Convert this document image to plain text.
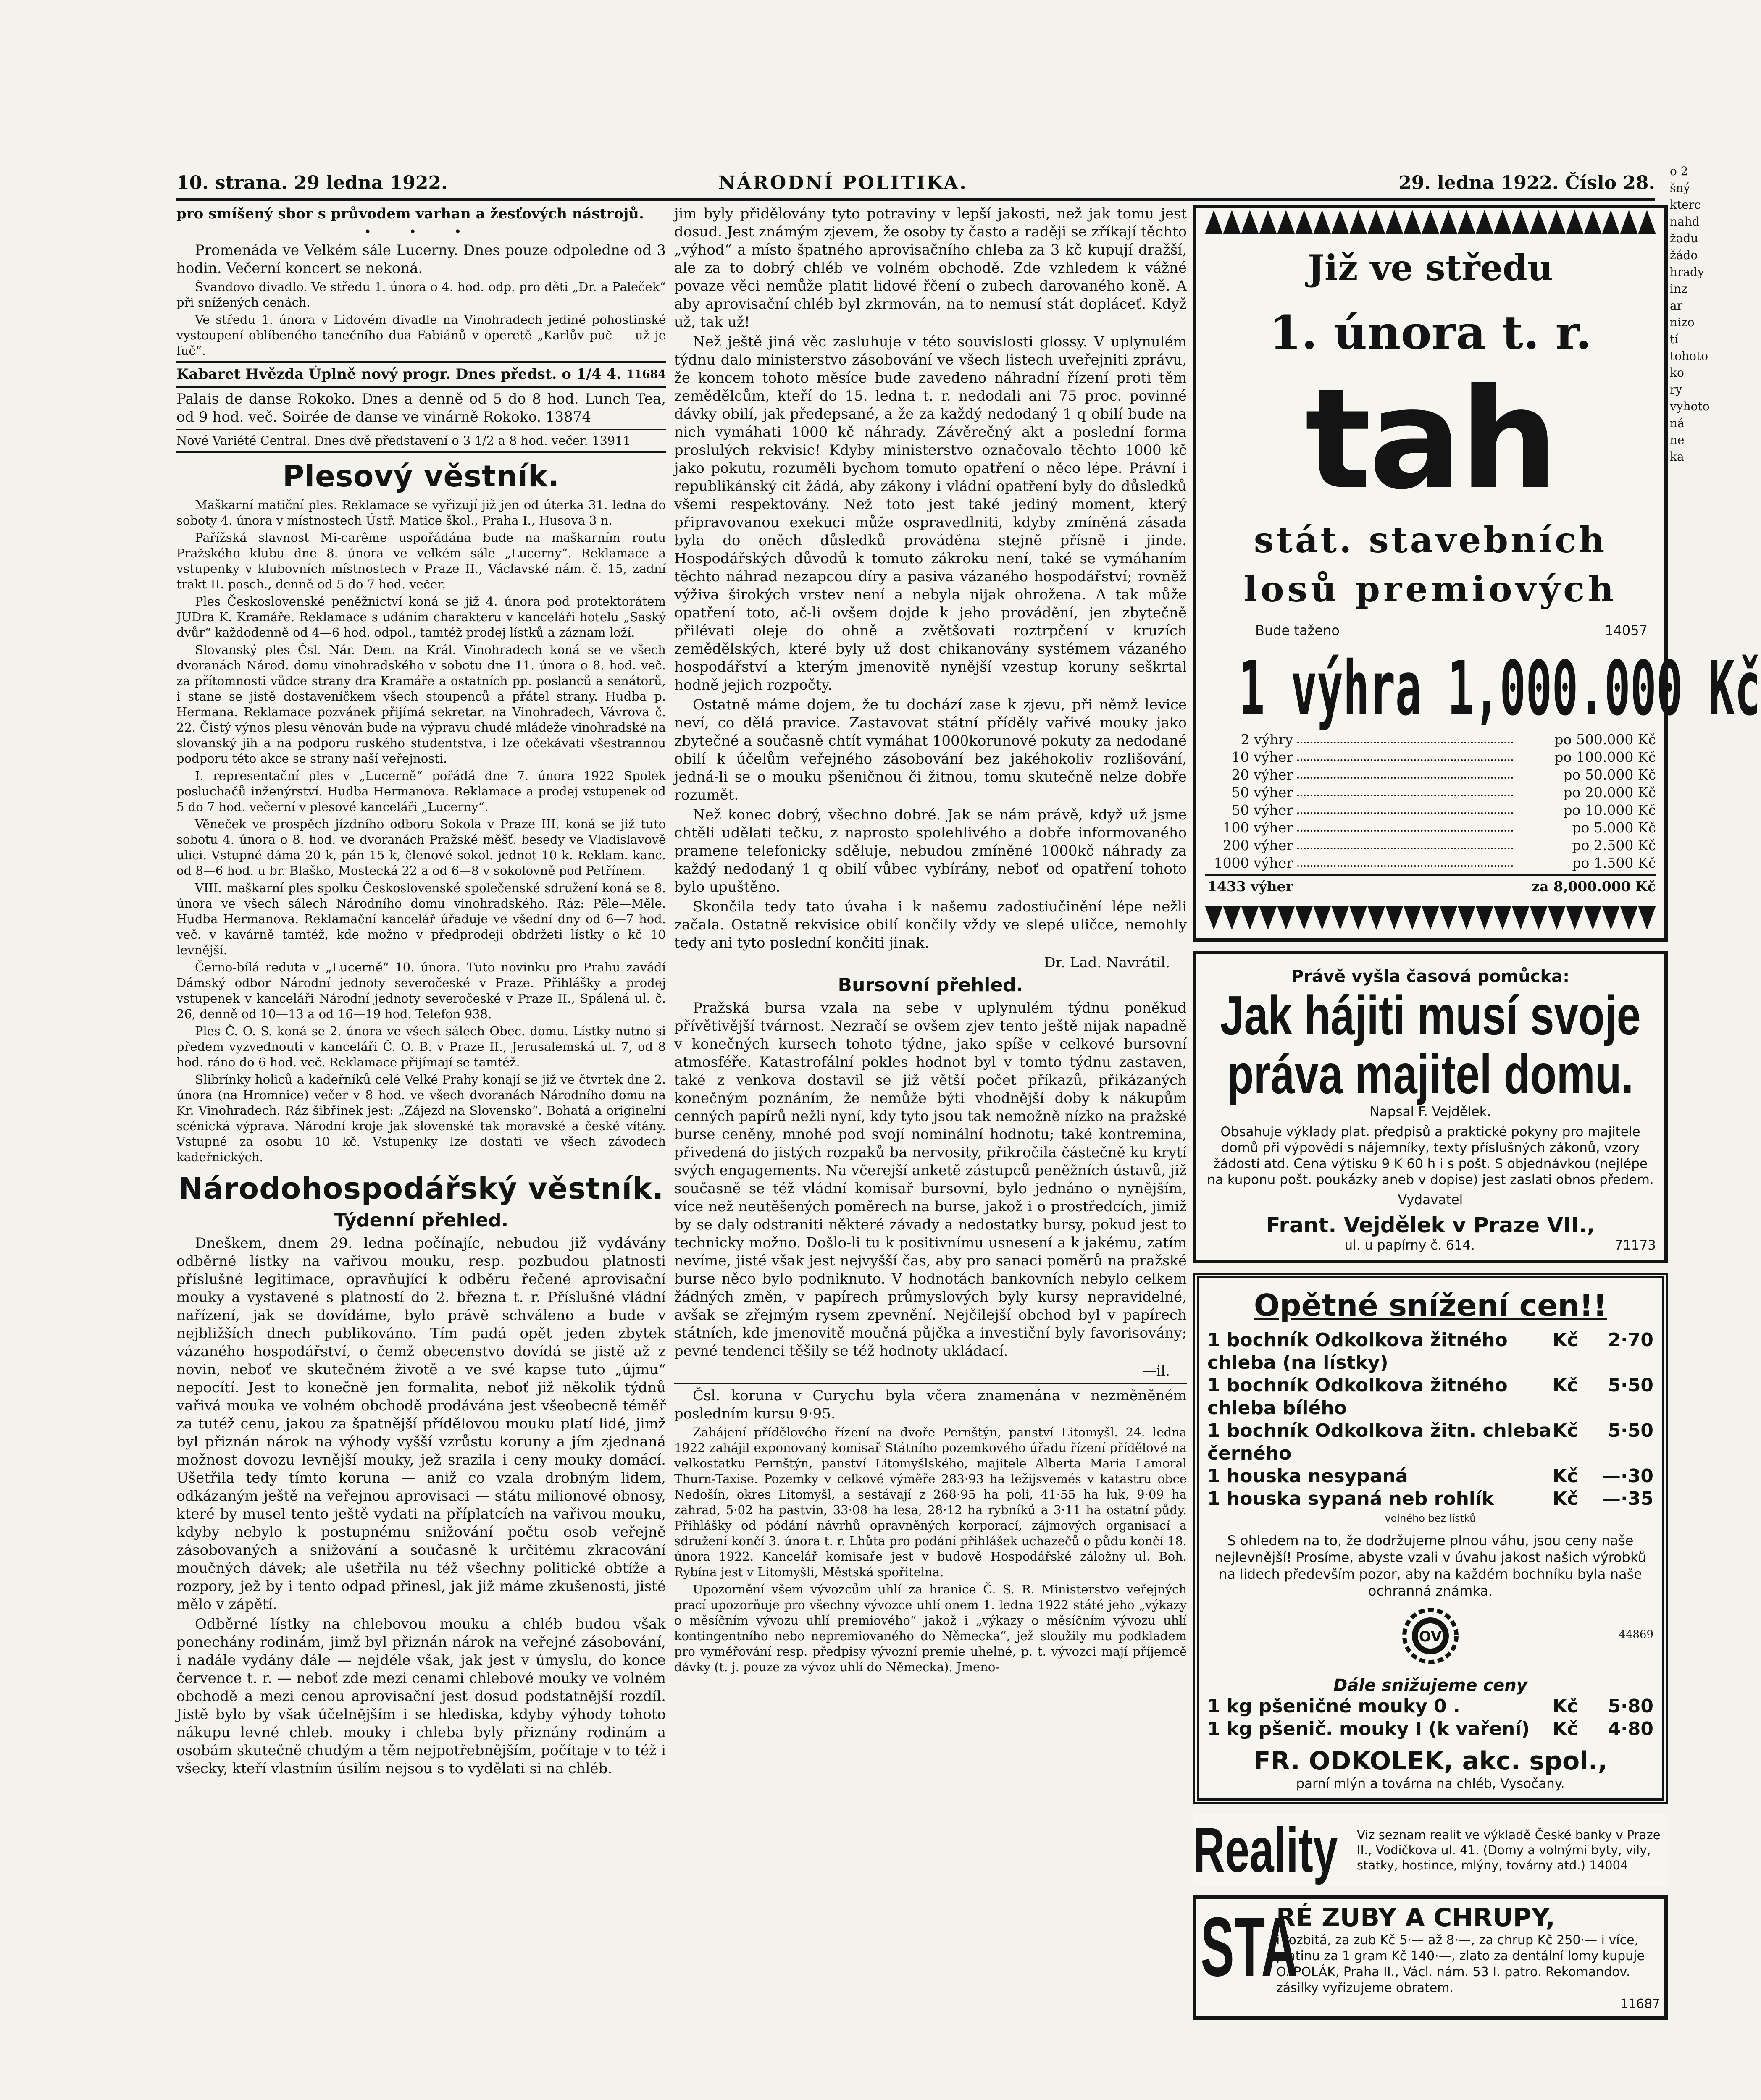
10. strana. 29 ledna 1922.	NÁRODNÍ POLITIKA.	29. ledna 1922. Číslo 28.

pro smíšený sbor s průvodem varhan a žesťových nástrojů.

• • •

Promenáda ve Velkém sále Lucerny. Dnes pouze odpoledne od 3 hodin. Večerní koncert se nekoná.

Švandovo divadlo. Ve středu 1. února o 4. hod. odp. pro děti „Dr. a Paleček“ při snížených cenách.

Ve středu 1. února v Lidovém divadle na Vinohradech jediné pohostinské vystoupení oblíbeného tanečního dua Fabiánů v operetě „Karlův puč — už je fuč“.

Kabaret Hvězda Úplně nový progr. Dnes předst. o 1/4 4. 11684

Palais de danse Rokoko. Dnes a denně od 5 do 8 hod. Lunch Tea, od 9 hod. več. Soirée de danse ve vinárně Rokoko. 13874

Nové Variété Central. Dnes dvě představení o 3 1/2 a 8 hod. večer. 13911

Plesový věstník.

Maškarní matiční ples. Reklamace se vyřizují již jen od úterka 31. ledna do soboty 4. února v místnostech Ústř. Matice škol., Praha I., Husova 3 n.

Pařížská slavnost Mi-carême uspořádána bude na maškarním routu Pražského klubu dne 8. února ve velkém sále „Lucerny“. Reklamace a vstupenky v klubovních místnostech v Praze II., Václavské nám. č. 15, zadní trakt II. posch., denně od 5 do 7 hod. večer.

Ples Československé peněžnictví koná se již 4. února pod protektorátem JUDra K. Kramáře. Reklamace s udáním charakteru v kanceláři hotelu „Saský dvůr“ každodenně od 4—6 hod. odpol., tamtéž prodej lístků a záznam loží.

Slovanský ples Čsl. Nár. Dem. na Král. Vinohradech koná se ve všech dvoranách Národ. domu vinohradského v sobotu dne 11. února o 8. hod. več. za přítomnosti vůdce strany dra Kramáře a ostatních pp. poslanců a senátorů, i stane se jistě dostaveníčkem všech stoupenců a přátel strany. Hudba p. Hermana. Reklamace pozvánek přijímá sekretar. na Vinohradech, Vávrova č. 22. Čistý výnos plesu věnován bude na výpravu chudé mládeže vinohradské na slovanský jih a na podporu ruského studentstva, i lze očekávati všestrannou podporu této akce se strany naší veřejnosti.

I. representační ples v „Lucerně“ pořádá dne 7. února 1922 Spolek posluchačů inženýrství. Hudba Hermanova. Reklamace a prodej vstupenek od 5 do 7 hod. večerní v plesové kanceláři „Lucerny“.

Věneček ve prospěch jízdního odboru Sokola v Praze III. koná se již tuto sobotu 4. února o 8. hod. ve dvoranách Pražské měšť. besedy ve Vladislavově ulici. Vstupné dáma 20 k, pán 15 k, členové sokol. jednot 10 k. Reklam. kanc. od 8—6 hod. u br. Blaško, Mostecká 22 a od 6—8 v sokolovně pod Petřínem.

VIII. maškarní ples spolku Československé společenské sdružení koná se 8. února ve všech sálech Národního domu vinohradského. Ráz: Pěle—Měle. Hudba Hermanova. Reklamační kancelář úřaduje ve všední dny od 6—7 hod. več. v kavárně tamtéž, kde možno v předprodeji obdržeti lístky o kč 10 levnější.

Černo-bílá reduta v „Lucerně“ 10. února. Tuto novinku pro Prahu zavádí Dámský odbor Národní jednoty severočeské v Praze. Přihlášky a prodej vstupenek v kanceláři Národní jednoty severočeské v Praze II., Spálená ul. č. 26, denně od 10—13 a od 16—19 hod. Telefon 938.

Ples Č. O. S. koná se 2. února ve všech sálech Obec. domu. Lístky nutno si předem vyzvednouti v kanceláři Č. O. B. v Praze II., Jerusalemská ul. 7, od 8 hod. ráno do 6 hod. več. Reklamace přijímají se tamtéž.

Slibrínky holiců a kadeřníků celé Velké Prahy konají se již ve čtvrtek dne 2. února (na Hromnice) večer v 8 hod. ve všech dvoranách Národního domu na Kr. Vinohradech. Ráz šibřinek jest: „Zájezd na Slovensko“. Bohatá a originelní scénická výprava. Národní kroje jak slovenské tak moravské a české vítány. Vstupné za osobu 10 kč. Vstupenky lze dostati ve všech závodech kadeřnických.

Národohospodářský věstník.
Týdenní přehled.

Dneškem, dnem 29. ledna počínajíc, nebudou již vydávány odběrné lístky na vařivou mouku, resp. pozbudou platnosti příslušné legitimace, opravňující k odběru řečené aprovisační mouky a vystavené s platností do 2. března t. r. Příslušné vládní nařízení, jak se dovídáme, bylo právě schváleno a bude v nejbližších dnech publikováno. Tím padá opět jeden zbytek vázaného hospodářství, o čemž obecenstvo dovídá se jistě až z novin, neboť ve skutečném životě a ve své kapse tuto „újmu“ nepocítí. Jest to konečně jen formalita, neboť již několik týdnů vařivá mouka ve volném obchodě prodávána jest všeobecně téměř za tutéž cenu, jakou za špatnější přídělovou mouku platí lidé, jimž byl přiznán nárok na výhody vyšší vzrůstu koruny a jím zjednaná možnost dovozu levnější mouky, jež srazila i ceny mouky domácí. Ušetřila tedy tímto koruna — aniž co vzala drobným lidem, odkázaným ještě na veřejnou aprovisaci — státu milionové obnosy, které by musel tento ještě vydati na příplatcích na vařivou mouku, kdyby nebylo k postupnému snižování počtu osob veřejně zásobovaných a snižování a současně k určitému zkracování moučných dávek; ale ušetřila nu též všechny politické obtíže a rozpory, jež by i tento odpad přinesl, jak již máme zkušenosti, jisté mělo v zápětí.

Odběrné lístky na chlebovou mouku a chléb budou však ponechány rodinám, jimž byl přiznán nárok na veřejné zásobování, i nadále vydány dále — nejdéle však, jak jest v úmyslu, do konce července t. r. — neboť zde mezi cenami chlebové mouky ve volném obchodě a mezi cenou aprovisační jest dosud podstatnější rozdíl. Jistě bylo by však účelnějším i se hlediska, kdyby výhody tohoto nákupu levné chleb. mouky i chleba byly přiznány rodinám a osobám skutečně chudým a těm nejpotřebnějším, počítaje v to též i všecky, kteří vlastním úsilím nejsou s to vydělati si na chléb.

jim byly přidělovány tyto potraviny v lepší jakosti, než jak tomu jest dosud. Jest známým zjevem, že osoby ty často a raději se zříkají těchto „výhod“ a místo špatného aprovisačního chleba za 3 kč kupují dražší, ale za to dobrý chléb ve volném obchodě. Zde vzhledem k vážné povaze věci nemůže platit lidové řčení o zubech darovaného koně. A aby aprovisační chléb byl zkrmován, na to nemusí stát dopláceť. Když už, tak už!

Než ještě jiná věc zasluhuje v této souvislosti glossy. V uplynulém týdnu dalo ministerstvo zásobování ve všech listech uveřejniti zprávu, že koncem tohoto měsíce bude zavedeno náhradní řízení proti těm zemědělcům, kteří do 15. ledna t. r. nedodali ani 75 proc. povinné dávky obilí, jak předepsané, a že za každý nedodaný 1 q obilí bude na nich vymáhati 1000 kč náhrady. Závěrečný akt a poslední forma proslulých rekvisic! Kdyby ministerstvo označovalo těchto 1000 kč jako pokutu, rozuměli bychom tomuto opatření o něco lépe. Právní i republikánský cit žádá, aby zákony i vládní opatření byly do důsledků všemi respektovány. Než toto jest také jediný moment, který připravovanou exekuci může ospravedlniti, kdyby zmíněná zásada byla do oněch důsledků prováděna stejně přísně i jinde. Hospodářských důvodů k tomuto zákroku není, také se vymáhaním těchto náhrad nezapcou díry a pasiva vázaného hospodářství; rovněž výživa širokých vrstev není a nebyla nijak ohrožena. A tak může opatření toto, ač-li ovšem dojde k jeho provádění, jen zbytečně přilévati oleje do ohně a zvětšovati roztrpčení v kruzích zemědělských, které byly už dost chikanovány systémem vázaného hospodářství a kterým jmenovitě nynější vzestup koruny seškrtal hodně jejich rozpočty.

Ostatně máme dojem, že tu dochází zase k zjevu, při němž levice neví, co dělá pravice. Zastavovat státní příděly vařivé mouky jako zbytečné a současně chtít vymáhat 1000korunové pokuty za nedodané obilí k účelům veřejného zásobování bez jakéhokoliv rozlišování, jedná-li se o mouku pšeničnou či žitnou, tomu skutečně nelze dobře rozumět.

Než konec dobrý, všechno dobré. Jak se nám právě, když už jsme chtěli udělati tečku, z naprosto spolehlivého a dobře informovaného pramene telefonicky sděluje, nebudou zmíněné 1000kč náhrady za každý nedodaný 1 q obilí vůbec vybírány, neboť od opatření tohoto bylo upuštěno.

Skončila tedy tato úvaha i k našemu zadostiučinění lépe nežli začala. Ostatně rekvisice obilí končily vždy ve slepé uličce, nemohly tedy ani tyto poslední končiti jinak.

Dr. Lad. Navrátil.

Bursovní přehled.

Pražská bursa vzala na sebe v uplynulém týdnu poněkud přívětivější tvárnost. Nezračí se ovšem zjev tento ještě nijak napadně v konečných kursech tohoto týdne, jako spíše v celkové bursovní atmosféře. Katastrofální pokles hodnot byl v tomto týdnu zastaven, také z venkova dostavil se již větší počet příkazů, přikázaných konečným poznáním, že nemůže býti vhodnější doby k nákupům cenných papírů nežli nyní, kdy tyto jsou tak nemožně nízko na pražské burse ceněny, mnohé pod svojí nominální hodnotu; také kontremina, přivedená do jistých rozpaků ba nervosity, přikročila částečně ku krytí svých engagements. Na včerejší anketě zástupců peněžních ústavů, již současně se též vládní komisař bursovní, bylo jednáno o nynějším, více než neutěšených poměrech na burse, jakož i o prostředcích, jimiž by se daly odstraniti některé závady a nedostatky bursy, pokud jest to technicky možno. Došlo-li tu k positivnímu usnesení a k jakému, zatím nevíme, jisté však jest nejvyšší čas, aby pro sanaci poměrů na pražské burse něco bylo podniknuto. V hodnotách bankovních nebylo celkem žádných změn, v papírech průmyslových byly kursy nepravidelné, avšak se zřejmým rysem zpevnění. Nejčilejší obchod byl v papírech státních, kde jmenovitě moučná půjčka a investiční byly favorisovány; pevné tendenci těšily se též hodnoty ukládací.

—il.

Čsl. koruna v Curychu byla včera znamenána v nezměněném posledním kursu 9·95.

Zahájení přídělového řízení na dvoře Pernštýn, panství Litomyšl. 24. ledna 1922 zahájil exponovaný komisař Státního pozemkového úřadu řízení přídělové na velkostatku Pernštýn, panství Litomyšlského, majitele Alberta Maria Lamoral Thurn-Taxise. Pozemky v celkové výměře 283·93 ha ležijsvemés v katastru obce Nedošín, okres Litomyšl, a sestávají z 268·95 ha poli, 41·55 ha luk, 9·09 ha zahrad, 5·02 ha pastvin, 33·08 ha lesa, 28·12 ha rybníků a 3·11 ha ostatní půdy. Přihlášky od pódání návrhů opravněných korporací, zájmových organisací a sdružení končí 3. února t. r. Lhůta pro podání přihlášek uchazečů o půdu končí 18. února 1922. Kancelář komisaře jest v budově Hospodářské záložny ul. Boh. Rybína jest v Litomyšli, Městská spořitelna.

Upozornění všem vývozcům uhlí za hranice Č. S. R. Ministerstvo veřejných prací upozorňuje pro všechny vývozce uhlí onem 1. ledna 1922 státé jeho „výkazy o měsíčním vývozu uhlí premiového“ jakož i „výkazy o měsíčním vývozu uhlí kontingentního nebo nepremiovaného do Německa“, jež sloužily mu podkladem pro vyměřování resp. předpisy vývozní premie uhelné, p. t. vývozci mají příjemcě dávky (t. j. pouze za vývoz uhlí do Německa). Jmeno-

Již ve středu
1. února t. r.
tah
stát. stavebních
losů premiových
Bude taženo	14057
1 výhra 1,000.000 Kč
2 výhry	po 500.000 Kč
10 výher	po 100.000 Kč
20 výher	po 50.000 Kč
50 výher	po 20.000 Kč
50 výher	po 10.000 Kč
100 výher	po 5.000 Kč
200 výher	po 2.500 Kč
1000 výher	po 1.500 Kč
1433 výher	za 8,000.000 Kč
Právě vyšla časová pomůcka:
Jak hájiti musí svoje
práva majitel domu.
Napsal F. Vejdělek.
Obsahuje výklady plat. předpisů a praktické pokyny pro majitele domů při výpovědi s nájemníky, texty příslušných zákonů, vzory žádostí atd. Cena výtisku 9 K 60 h i s pošt. S objednávkou (nejlépe na kuponu pošt. poukázky aneb v dopise) jest zaslati obnos předem.
Vydavatel
Frant. Vejdělek v Praze VII.,
ul. u papírny č. 614.	71173
Opětné snížení cen!!
1 bochník Odkolkova žitného chleba (na lístky)
Kč	2·70
1 bochník Odkolkova žitného chleba bílého
Kč	5·50
1 bochník Odkolkova žitn. chleba černého
Kč	5·50
1 houska nesypaná	Kč	—·30
1 houska sypaná neb rohlík	Kč	—·35
volného bez lístků
S ohledem na to, že dodržujeme plnou váhu, jsou ceny naše nejlevnější! Prosíme, abyste vzali v úvahu jakost našich výrobků na lidech především pozor, aby na každém bochníku byla naše ochranná známka.
OV	44869
Dále snižujeme ceny
1 kg pšeničné mouky 0 .	Kč	5·80
1 kg pšenič. mouky I (k vaření)	Kč	4·80
FR. ODKOLEK, akc. spol.,
parní mlýn a továrna na chléb, Vysočany.
Reality Viz seznam realit ve výkladě České banky v Praze II., Vodičkova ul. 41. (Domy a volnými byty, vily, statky, hostince, mlýny, továrny atd.) 14004
STA
RÉ ZUBY A CHRUPY,
i rozbitá, za zub Kč 5·— až 8·—, za chrup Kč 250·— i více, platinu za 1 gram Kč 140·—, zlato za dentální lomy kupuje O. POLÁK, Praha II., Václ. nám. 53 I. patro. Rekomandov. zásilky vyřizujeme obratem.
11687
o 2 šný kterc nahd žadu žádo hrady inz ar nizo tí tohoto ko ry vyhoto ná ne ka
